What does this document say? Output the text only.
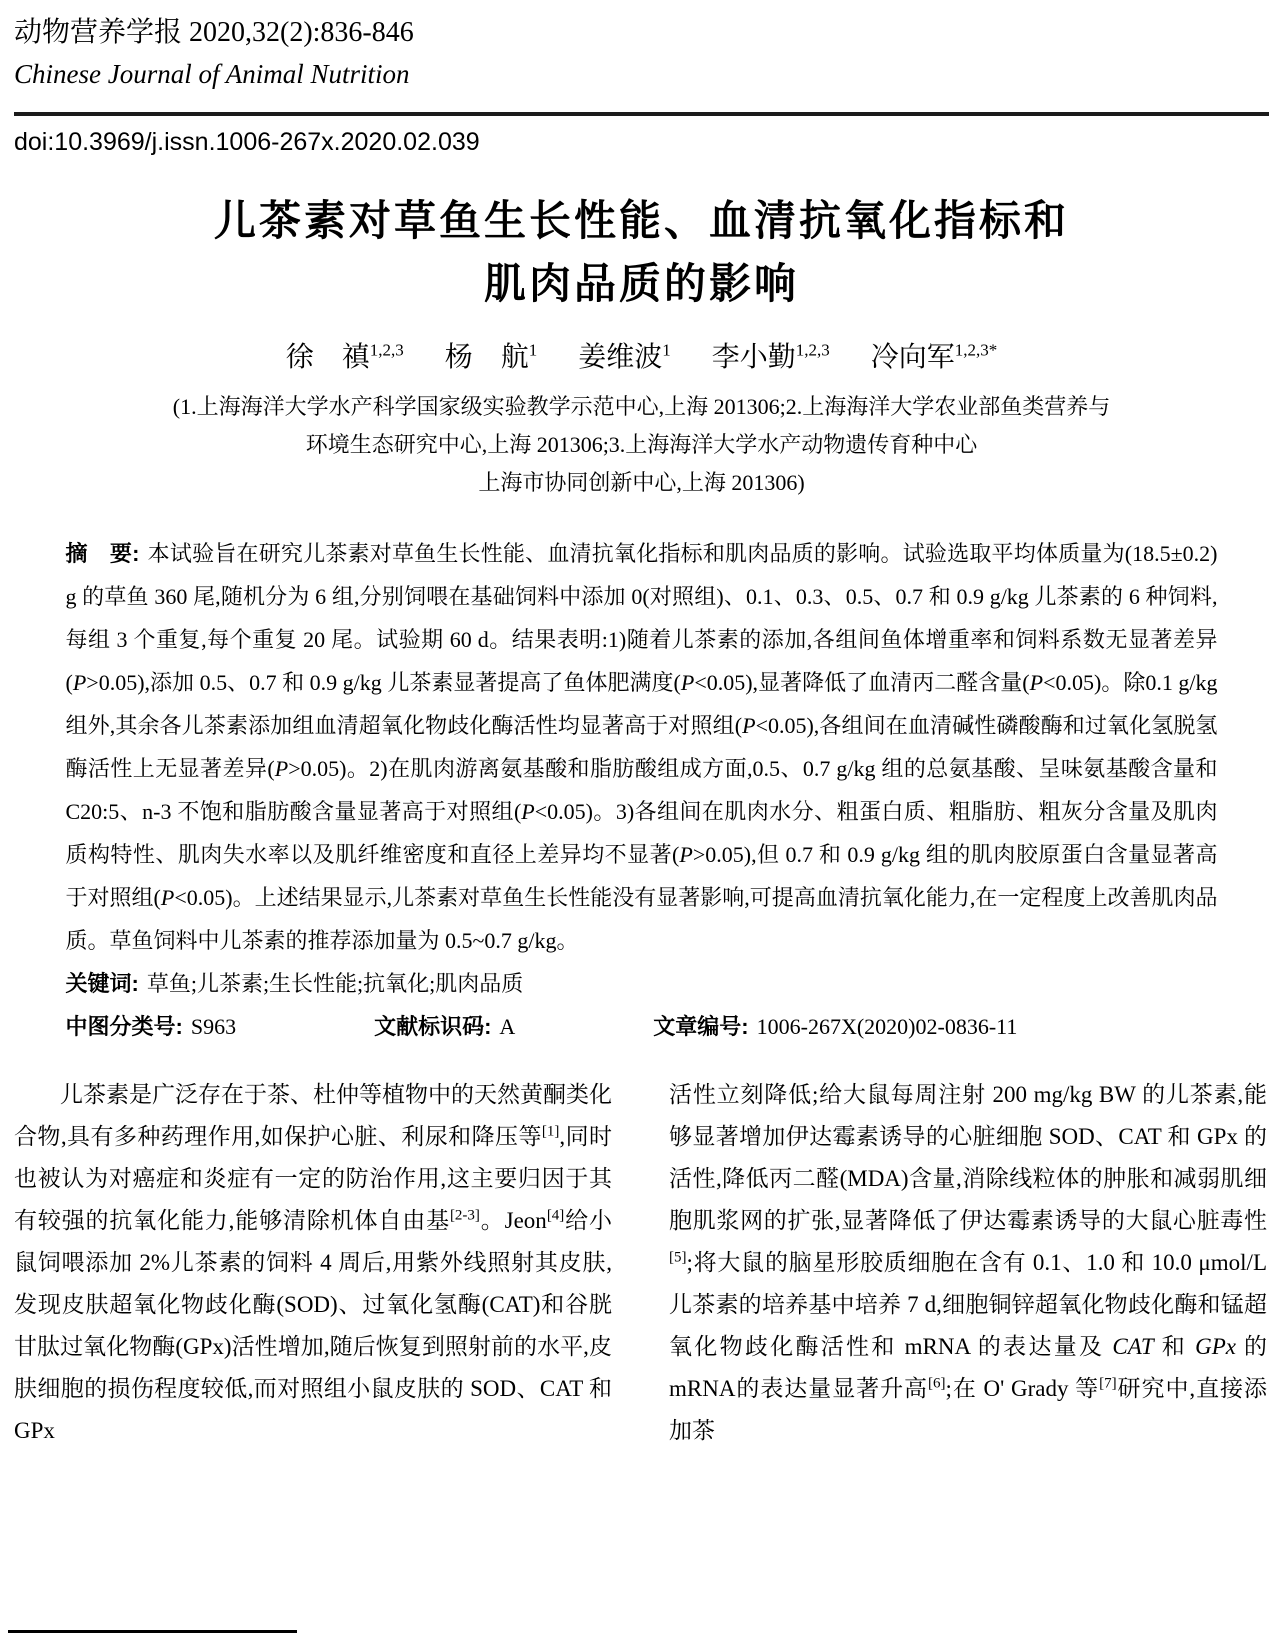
动物营养学报 2020,32(2):836-846
Chinese Journal of Animal Nutrition
doi:10.3969/j.issn.1006-267x.2020.02.039
儿茶素对草鱼生长性能、血清抗氧化指标和
肌肉品质的影响
徐　禛$^{1,2,3}$ 杨　航$^1$ 姜维波$^1$ 李小勤$^{1,2,3}$ 冷向军$^{1,2,3*}$
(1.上海海洋大学水产科学国家级实验教学示范中心,上海 201306;2.上海海洋大学农业部鱼类营养与
环境生态研究中心,上海 201306;3.上海海洋大学水产动物遗传育种中心
上海市协同创新中心,上海 201306)
摘　要: 本试验旨在研究儿茶素对草鱼生长性能、血清抗氧化指标和肌肉品质的影响。试验选取平均体质量为(18.5±0.2) g 的草鱼 360 尾,随机分为 6 组,分别饲喂在基础饲料中添加 0(对照组)、0.1、0.3、0.5、0.7 和 0.9 g/kg 儿茶素的 6 种饲料,每组 3 个重复,每个重复 20 尾。试验期 60 d。结果表明:1)随着儿茶素的添加,各组间鱼体增重率和饲料系数无显著差异(P>0.05),添加 0.5、0.7 和 0.9 g/kg 儿茶素显著提高了鱼体肥满度(P<0.05),显著降低了血清丙二醛含量(P<0.05)。除0.1 g/kg组外,其余各儿茶素添加组血清超氧化物歧化酶活性均显著高于对照组(P<0.05),各组间在血清碱性磷酸酶和过氧化氢脱氢酶活性上无显著差异(P>0.05)。2)在肌肉游离氨基酸和脂肪酸组成方面,0.5、0.7 g/kg 组的总氨基酸、呈味氨基酸含量和 C20:5、n-3 不饱和脂肪酸含量显著高于对照组(P<0.05)。3)各组间在肌肉水分、粗蛋白质、粗脂肪、粗灰分含量及肌肉质构特性、肌肉失水率以及肌纤维密度和直径上差异均不显著(P>0.05),但 0.7 和 0.9 g/kg 组的肌肉胶原蛋白含量显著高于对照组(P<0.05)。上述结果显示,儿茶素对草鱼生长性能没有显著影响,可提高血清抗氧化能力,在一定程度上改善肌肉品质。草鱼饲料中儿茶素的推荐添加量为 0.5~0.7 g/kg。
关键词: 草鱼;儿茶素;生长性能;抗氧化;肌肉品质
中图分类号: S963	文献标识码: A	文章编号: 1006-267X(2020)02-0836-11
儿茶素是广泛存在于茶、杜仲等植物中的天然黄酮类化合物,具有多种药理作用,如保护心脏、利尿和降压等[1],同时也被认为对癌症和炎症有一定的防治作用,这主要归因于其有较强的抗氧化能力,能够清除机体自由基[2-3]。Jeon[4]给小鼠饲喂添加 2%儿茶素的饲料 4 周后,用紫外线照射其皮肤,发现皮肤超氧化物歧化酶(SOD)、过氧化氢酶(CAT)和谷胱甘肽过氧化物酶(GPx)活性增加,随后恢复到照射前的水平,皮肤细胞的损伤程度较低,而对照组小鼠皮肤的 SOD、CAT 和 GPx
活性立刻降低;给大鼠每周注射 200 mg/kg BW 的儿茶素,能够显著增加伊达霉素诱导的心脏细胞 SOD、CAT 和 GPx 的活性,降低丙二醛(MDA)含量,消除线粒体的肿胀和减弱肌细胞肌浆网的扩张,显著降低了伊达霉素诱导的大鼠心脏毒性[5];将大鼠的脑星形胶质细胞在含有 0.1、1.0 和 10.0 μmol/L儿茶素的培养基中培养 7 d,细胞铜锌超氧化物歧化酶和锰超氧化物歧化酶活性和 mRNA 的表达量及 CAT 和 GPx 的mRNA的表达量显著升高[6];在 O' Grady 等[7]研究中,直接添加茶
